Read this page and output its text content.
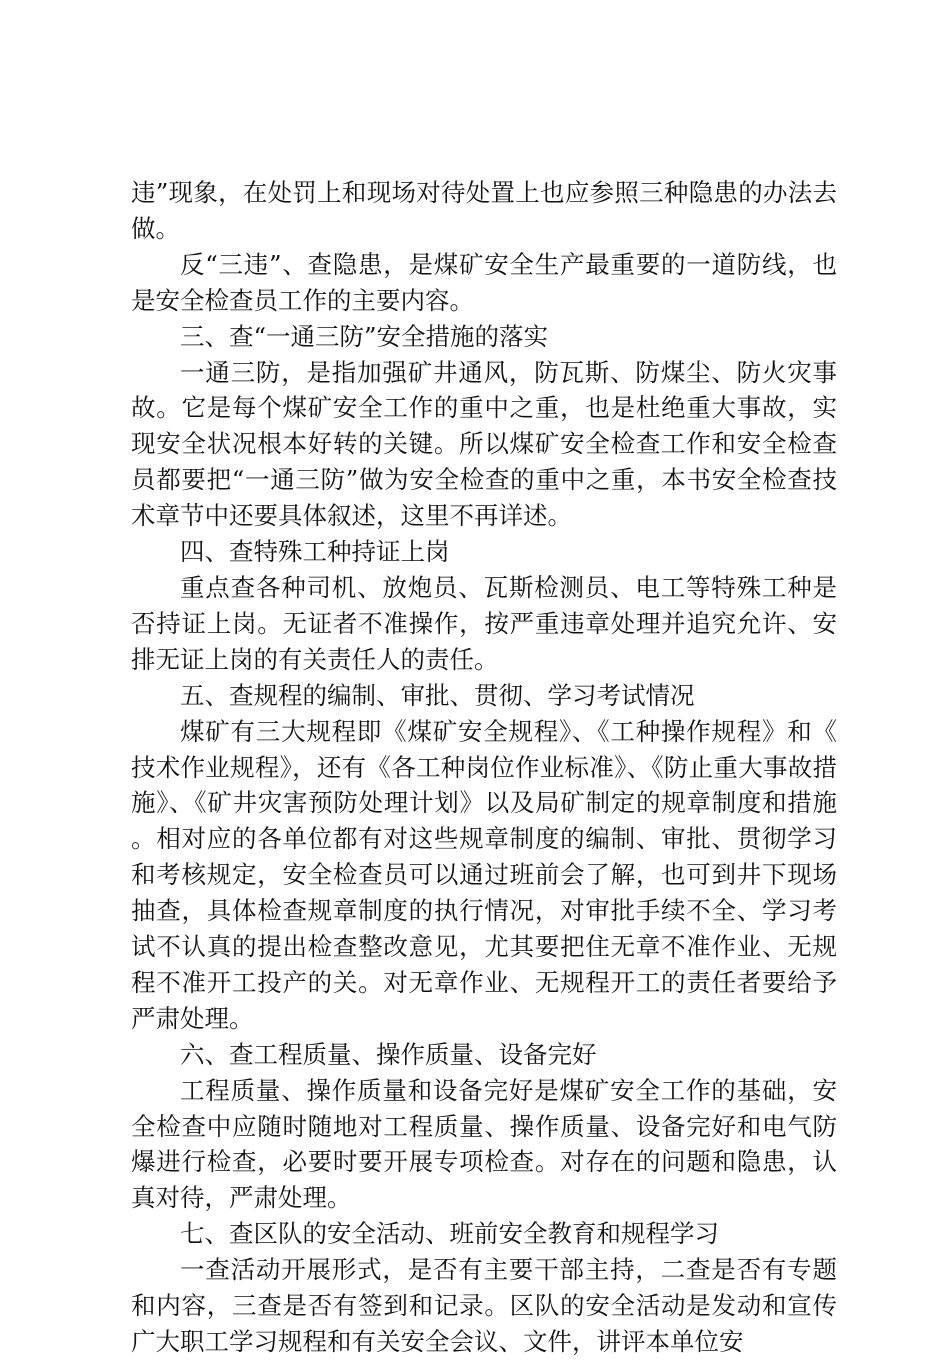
违”现象，在处罚上和现场对待处置上也应参照三种隐患的办法去做。

反“三违”、查隐患，是煤矿安全生产最重要的一道防线，也是安全检查员工作的主要内容。

三、查“一通三防”安全措施的落实

一通三防，是指加强矿井通风，防瓦斯、防煤尘、防火灾事故。它是每个煤矿安全工作的重中之重，也是杜绝重大事故，实现安全状况根本好转的关键。所以煤矿安全检查工作和安全检查员都要把“一通三防”做为安全检查的重中之重，本书安全检查技术章节中还要具体叙述，这里不再详述。

四、查特殊工种持证上岗

重点查各种司机、放炮员、瓦斯检测员、电工等特殊工种是否持证上岗。无证者不准操作，按严重违章处理并追究允许、安排无证上岗的有关责任人的责任。

五、查规程的编制、审批、贯彻、学习考试情况

煤矿有三大规程即《煤矿安全规程》、《工种操作规程》和《技术作业规程》，还有《各工种岗位作业标准》、《防止重大事故措施》、《矿井灾害预防处理计划》以及局矿制定的规章制度和措施。相对应的各单位都有对这些规章制度的编制、审批、贯彻学习和考核规定，安全检查员可以通过班前会了解，也可到井下现场抽查，具体检查规章制度的执行情况，对审批手续不全、学习考试不认真的提出检查整改意见，尤其要把住无章不准作业、无规程不准开工投产的关。对无章作业、无规程开工的责任者要给予严肃处理。

六、查工程质量、操作质量、设备完好

工程质量、操作质量和设备完好是煤矿安全工作的基础，安全检查中应随时随地对工程质量、操作质量、设备完好和电气防爆进行检查，必要时要开展专项检查。对存在的问题和隐患，认真对待，严肃处理。

七、查区队的安全活动、班前安全教育和规程学习

一查活动开展形式，是否有主要干部主持，二查是否有专题和内容，三查是否有签到和记录。区队的安全活动是发动和宣传广大职工学习规程和有关安全会议、文件，讲评本单位安
